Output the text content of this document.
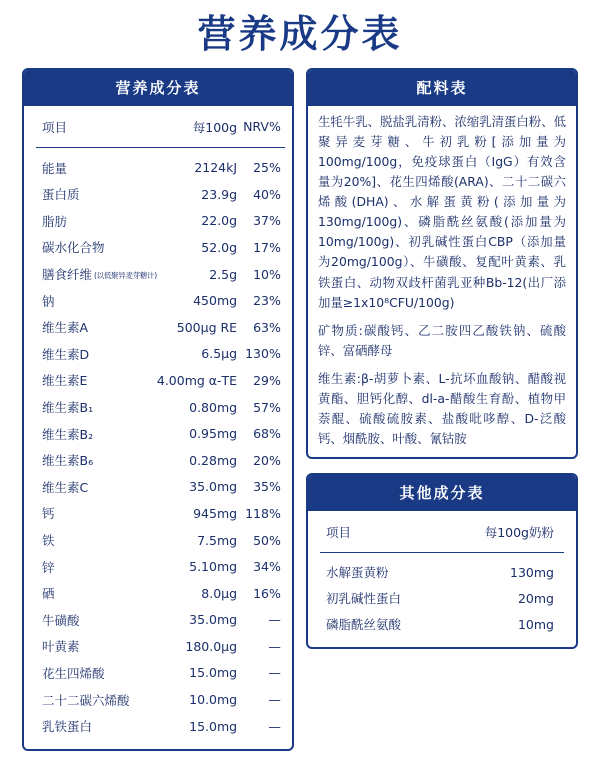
营养成分表
营养成分表
项目	每100g	NRV%

能量	2124kJ	25%
蛋白质	23.9g	40%
脂肪	22.0g	37%
碳水化合物	52.0g	17%
膳食纤维 (以低聚异麦芽糖计)	2.5g	10%
钠	450mg	23%
维生素A	500μg RE	63%
维生素D	6.5μg	130%
维生素E	4.00mg α-TE	29%
维生素B₁	0.80mg	57%
维生素B₂	0.95mg	68%
维生素B₆	0.28mg	20%
维生素C	35.0mg	35%
钙	945mg	118%
铁	7.5mg	50%
锌	5.10mg	34%
硒	8.0μg	16%
牛磺酸	35.0mg	—
叶黄素	180.0μg	—
花生四烯酸	15.0mg	—
二十二碳六烯酸	10.0mg	—
乳铁蛋白	15.0mg	—
配料表

生牦牛乳、脱盐乳清粉、浓缩乳清蛋白粉、低聚异麦芽糖、牛初乳粉[添加量为100mg/100g，免疫球蛋白（IgG）有效含量为20%]、花生四烯酸(ARA)、二十二碳六烯酸(DHA)、水解蛋黄粉(添加量为130mg/100g)、磷脂酰丝氨酸(添加量为10mg/100g)、初乳碱性蛋白CBP（添加量为20mg/100g）、牛磺酸、复配叶黄素、乳铁蛋白、动物双歧杆菌乳亚种Bb-12(出厂添加量≥1x10⁸CFU/100g)

矿物质:碳酸钙、乙二胺四乙酸铁钠、硫酸锌、富硒酵母

维生素:β-胡萝卜素、L-抗坏血酸钠、醋酸视黄酯、胆钙化醇、dl-a-醋酸生育酚、植物甲萘醌、硫酸硫胺素、盐酸吡哆醇、D-泛酸钙、烟酰胺、叶酸、氰钴胺

其他成分表
项目	每100g奶粉

水解蛋黄粉	130mg
初乳碱性蛋白	20mg
磷脂酰丝氨酸	10mg
